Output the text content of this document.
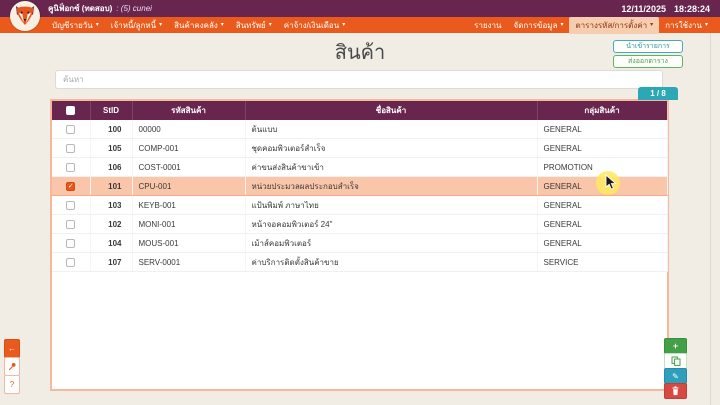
คูนิฟ็อกซ์ (ทดสอบ) : (5) cunei	12/11/2025 18:28:24
บัญชีรายวัน ▾ เจ้าหนี้/ลูกหนี้ ▾ สินค้าคงคลัง ▾ สินทรัพย์ ▾ ค่าจ้าง/เงินเดือน ▾	รายงาน จัดการข้อมูล ▾ ตารางรหัส/การตั้งค่า ▾ การใช้งาน ▾
สินค้า	นำเข้ารายการ
ส่งออกตาราง
ค้นหา
1 / 8
	StID	รหัสสินค้า	ชื่อสินค้า	กลุ่มสินค้า
	100	00000	ต้นแบบ	GENERAL
	105	COMP-001	ชุดคอมพิวเตอร์สำเร็จ	GENERAL
	106	COST-0001	ค่าขนส่งสินค้าขาเข้า	PROMOTION
✓	101	CPU-001	หน่วยประมวลผลประกอบสำเร็จ	GENERAL
	103	KEYB-001	แป้นพิมพ์ ภาษาไทย	GENERAL
	102	MONI-001	หน้าจอคอมพิวเตอร์ 24"	GENERAL
	104	MOUS-001	เม้าส์คอมพิวเตอร์	GENERAL
	107	SERV-0001	ค่าบริการติดตั้งสินค้าขาย	SERVICE
←
?
+
✎
